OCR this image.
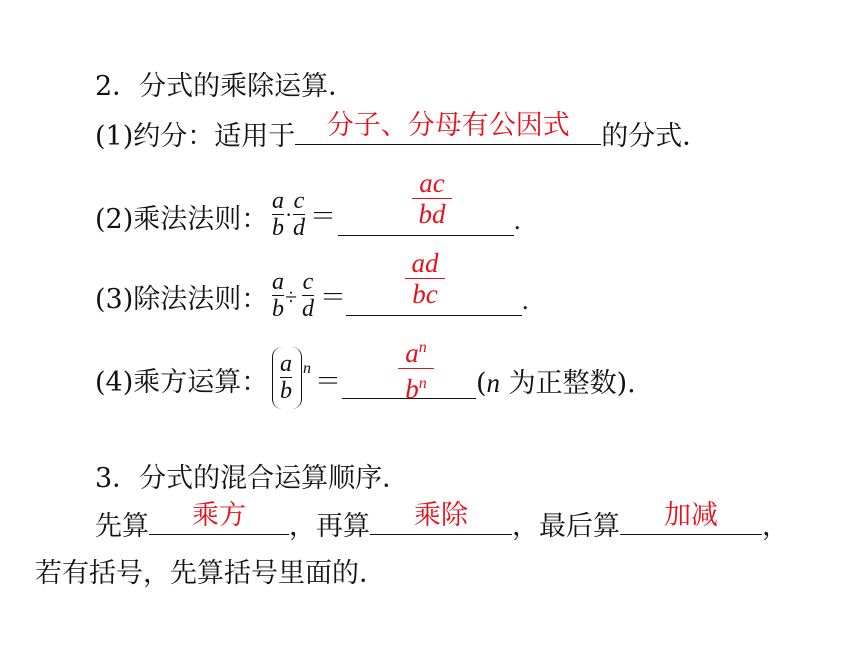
2．分式的乘除运算．
(1)约分：适用于	分子、分母有公因式	的分式．
(2)乘法法则：
a
b
·
c
d ＝	.
ac
bd
(3)除法法则：
a
b ÷
c
d ＝	.
ad
bc
(4)乘方运算：
a
b
n ＝
$a^n$
$b^n$ (n 为正整数).
3．分式的混合运算顺序．
先算	乘方	，再算	乘除	，最后算	加减	，
若有括号，先算括号里面的．
